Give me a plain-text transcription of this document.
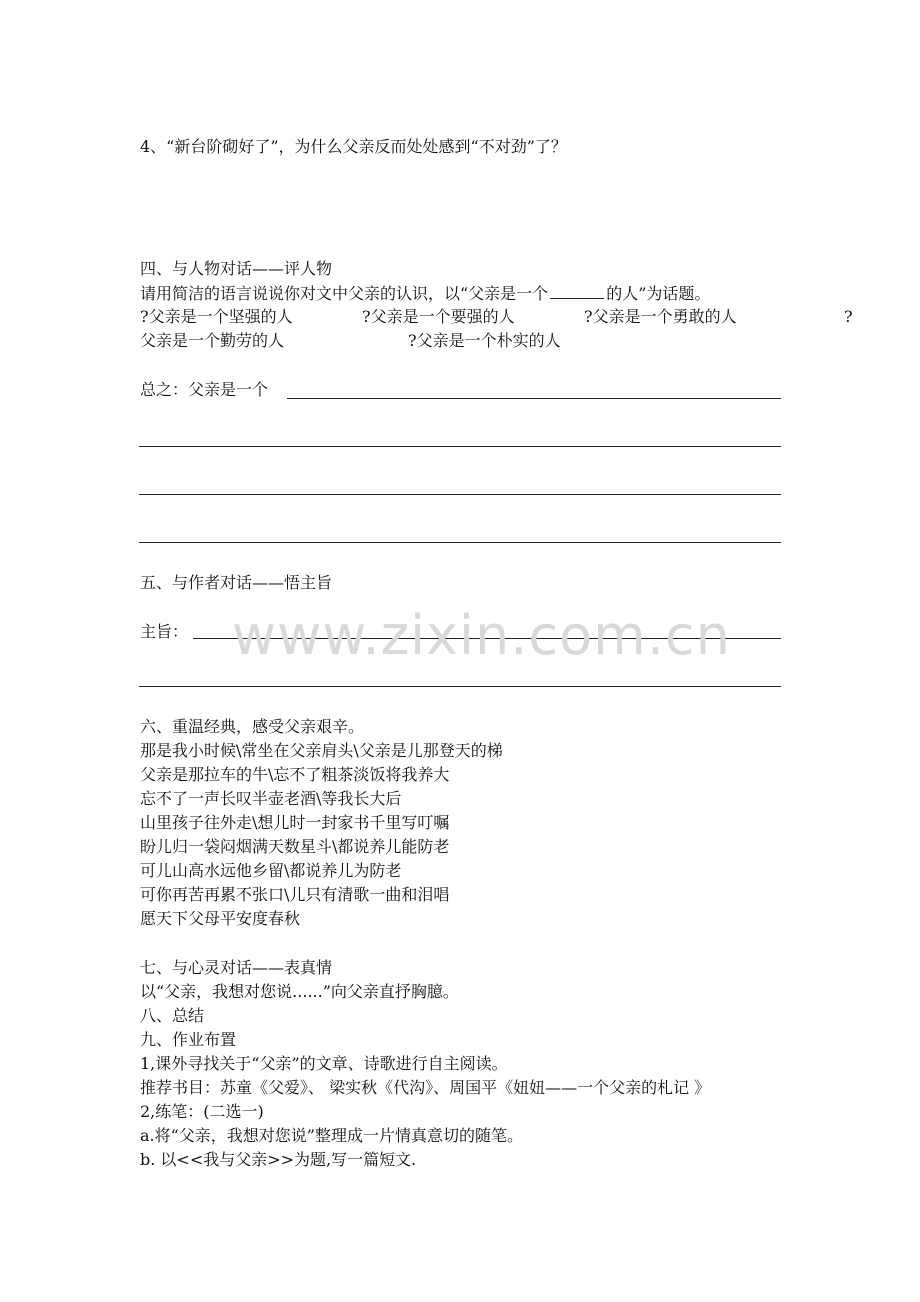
4、“新台阶砌好了”，为什么父亲反而处处感到“不对劲”了？
四、与人物对话——评人物
请用简洁的语言说说你对文中父亲的认识，以“父亲是一个	的人”为话题。
?父亲是一个坚强的人	?父亲是一个要强的人	?父亲是一个勇敢的人	?
父亲是一个勤劳的人	?父亲是一个朴实的人
总之：父亲是一个
五、与作者对话——悟主旨
主旨： www.zixin.com.cn
六、重温经典，感受父亲艰辛。
那是我小时候\常坐在父亲肩头\父亲是儿那登天的梯
父亲是那拉车的牛\忘不了粗茶淡饭将我养大
忘不了一声长叹半壶老酒\等我长大后
山里孩子往外走\想儿时一封家书千里写叮嘱
盼儿归一袋闷烟满天数星斗\都说养儿能防老
可儿山高水远他乡留\都说养儿为防老
可你再苦再累不张口\儿只有清歌一曲和泪唱
愿天下父母平安度春秋
七、与心灵对话——表真情
以“父亲，我想对您说......”向父亲直抒胸臆。
八、总结
九、作业布置
1,课外寻找关于“父亲”的文章、诗歌进行自主阅读。
推荐书目：苏童《父爱》、 梁实秋《代沟》、周国平《妞妞——一个父亲的札记 》
2,练笔：(二选一)
a.将“父亲，我想对您说”整理成一片情真意切的随笔。
b. 以<<我与父亲>>为题,写一篇短文.
